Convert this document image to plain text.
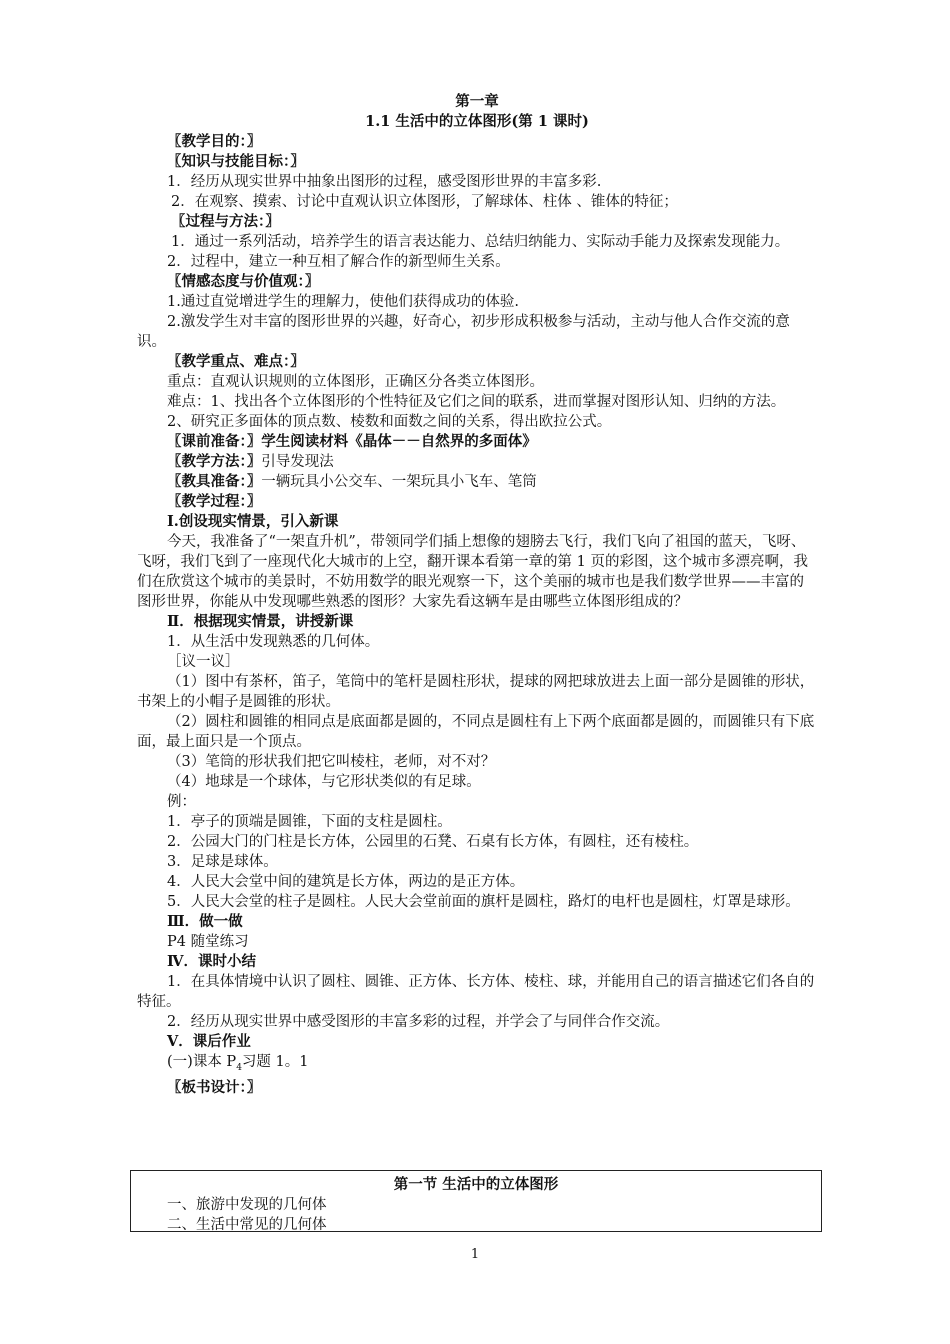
第一章

1.1 生活中的立体图形(第 1 课时)

〖教学目的：〗

〖知识与技能目标：〗

1．经历从现实世界中抽象出图形的过程，感受图形世界的丰富多彩.

2．在观察、摸索、讨论中直观认识立体图形，了解球体、柱体 、锥体的特征；

〖过程与方法：〗

1．通过一系列活动，培养学生的语言表达能力、总结归纳能力、实际动手能力及探索发现能力。

2．过程中，建立一种互相了解合作的新型师生关系。

〖情感态度与价值观：〗

1.通过直觉增进学生的理解力，使他们获得成功的体验.

2.激发学生对丰富的图形世界的兴趣，好奇心，初步形成积极参与活动，主动与他人合作交流的意识。

〖教学重点、难点：〗

重点：直观认识规则的立体图形，正确区分各类立体图形。

难点：1、找出各个立体图形的个性特征及它们之间的联系，进而掌握对图形认知、归纳的方法。

2、研究正多面体的顶点数、棱数和面数之间的关系，得出欧拉公式。

〖课前准备：〗学生阅读材料《晶体－－自然界的多面体》

〖教学方法：〗引导发现法

〖教具准备：〗一辆玩具小公交车、一架玩具小飞车、笔筒

〖教学过程：〗

Ⅰ.创设现实情景，引入新课

今天，我准备了“一架直升机”，带领同学们插上想像的翅膀去飞行，我们飞向了祖国的蓝天，飞呀、飞呀，我们飞到了一座现代化大城市的上空，翻开课本看第一章的第 1 页的彩图，这个城市多漂亮啊，我们在欣赏这个城市的美景时，不妨用数学的眼光观察一下，这个美丽的城市也是我们数学世界——丰富的图形世界，你能从中发现哪些熟悉的图形？大家先看这辆车是由哪些立体图形组成的？

Ⅱ．根据现实情景，讲授新课

1．从生活中发现熟悉的几何体。

［议一议］

（1）图中有茶杯，笛子，笔筒中的笔杆是圆柱形状，提球的网把球放进去上面一部分是圆锥的形状，书架上的小帽子是圆锥的形状。

（2）圆柱和圆锥的相同点是底面都是圆的，不同点是圆柱有上下两个底面都是圆的，而圆锥只有下底面，最上面只是一个顶点。

（3）笔筒的形状我们把它叫棱柱，老师，对不对？

（4）地球是一个球体，与它形状类似的有足球。

例：

1．亭子的顶端是圆锥，下面的支柱是圆柱。

2．公园大门的门柱是长方体，公园里的石凳、石桌有长方体，有圆柱，还有棱柱。

3．足球是球体。

4．人民大会堂中间的建筑是长方体，两边的是正方体。

5．人民大会堂的柱子是圆柱。人民大会堂前面的旗杆是圆柱，路灯的电杆也是圆柱，灯罩是球形。

Ⅲ．做一做

P4 随堂练习

Ⅳ．课时小结

1．在具体情境中认识了圆柱、圆锥、正方体、长方体、棱柱、球，并能用自己的语言描述它们各自的特征。

2．经历从现实世界中感受图形的丰富多彩的过程，并学会了与同伴合作交流。

Ⅴ．课后作业

(一)课本 $P_4$习题 1。1

〖板书设计：〗

第一节 生活中的立体图形
一、旅游中发现的几何体
二、生活中常见的几何体
1
